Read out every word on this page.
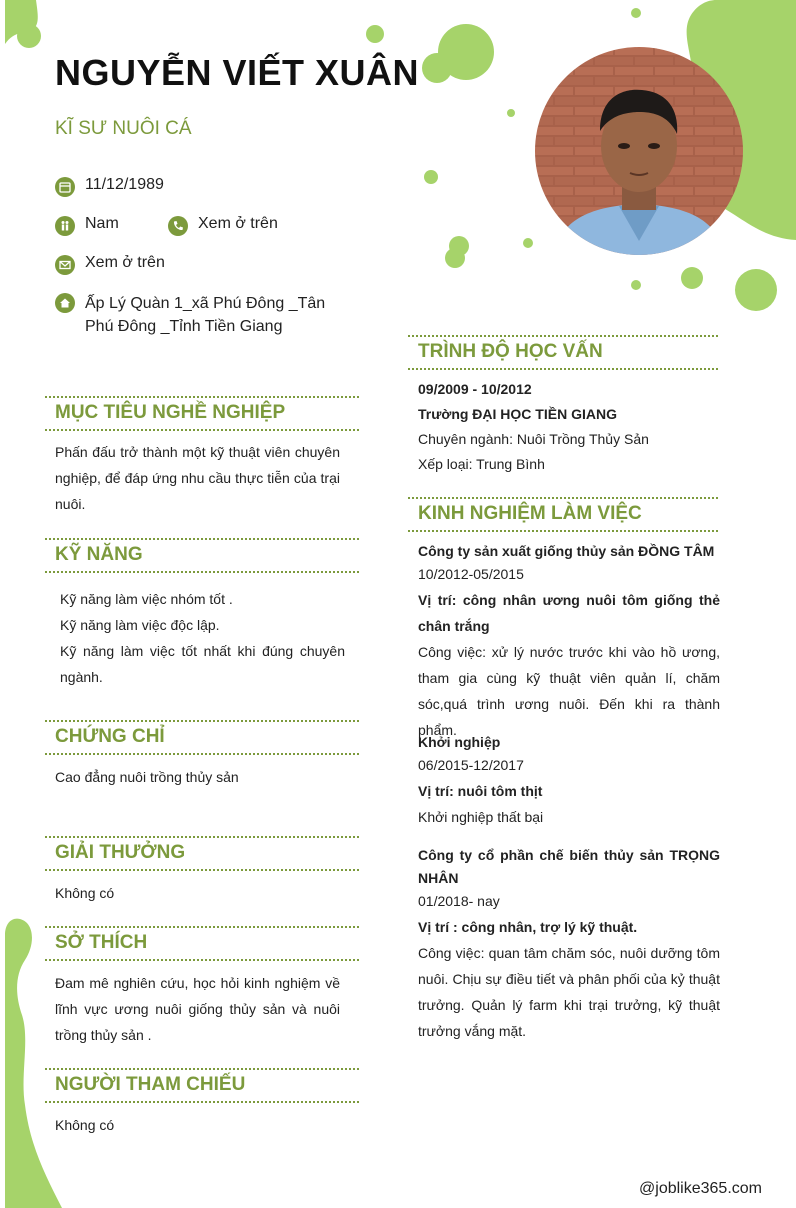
NGUYỄN VIẾT XUÂN
KĨ SƯ NUÔI CÁ
11/12/1989
Nam	Xem ở trên
Xem ở trên
Ấp Lý Quàn 1_xã Phú Đông _Tân Phú Đông _Tỉnh Tiền Giang
MỤC TIÊU NGHỀ NGHIỆP
Phấn đấu trở thành một kỹ thuật viên chuyên nghiệp, để đáp ứng nhu cầu thực tiễn của trại nuôi.
KỸ NĂNG
Kỹ năng làm việc nhóm tốt .
Kỹ năng làm việc độc lập.
Kỹ năng làm việc tốt nhất khi đúng chuyên ngành.
CHỨNG CHỈ
Cao đẳng nuôi trồng thủy sản
GIẢI THƯỞNG
Không có
SỞ THÍCH
Đam mê nghiên cứu, học hỏi kinh nghiệm về lĩnh vực ương nuôi giống thủy sản và nuôi trồng thủy sản .
NGƯỜI THAM CHIẾU
Không có
TRÌNH ĐỘ HỌC VẤN
09/2009 - 10/2012
Trường ĐẠI HỌC TIỀN GIANG
Chuyên ngành: Nuôi Trồng Thủy Sản
Xếp loại: Trung Bình
KINH NGHIỆM LÀM VIỆC
Công ty sản xuất giống thủy sản ĐỒNG TÂM
10/2012-05/2015
Vị trí: công nhân ương nuôi tôm giống thẻ chân trắng
Công việc: xử lý nước trước khi vào hồ ương, tham gia cùng kỹ thuật viên quản lí, chăm sóc,quá trình ương nuôi. Đến khi ra thành phẩm.
Khởi nghiệp
06/2015-12/2017
Vị trí: nuôi tôm thịt
Khởi nghiệp thất bại
Công ty cổ phần chế biến thủy sản TRỌNG NHÂN
01/2018- nay
Vị trí : công nhân, trợ lý kỹ thuật.
Công việc: quan tâm chăm sóc, nuôi dưỡng tôm nuôi. Chịu sự điều tiết và phân phối của kỷ thuật trưởng. Quản lý farm khi trại trưởng, kỹ thuật trưởng vắng mặt.
@joblike365.com
